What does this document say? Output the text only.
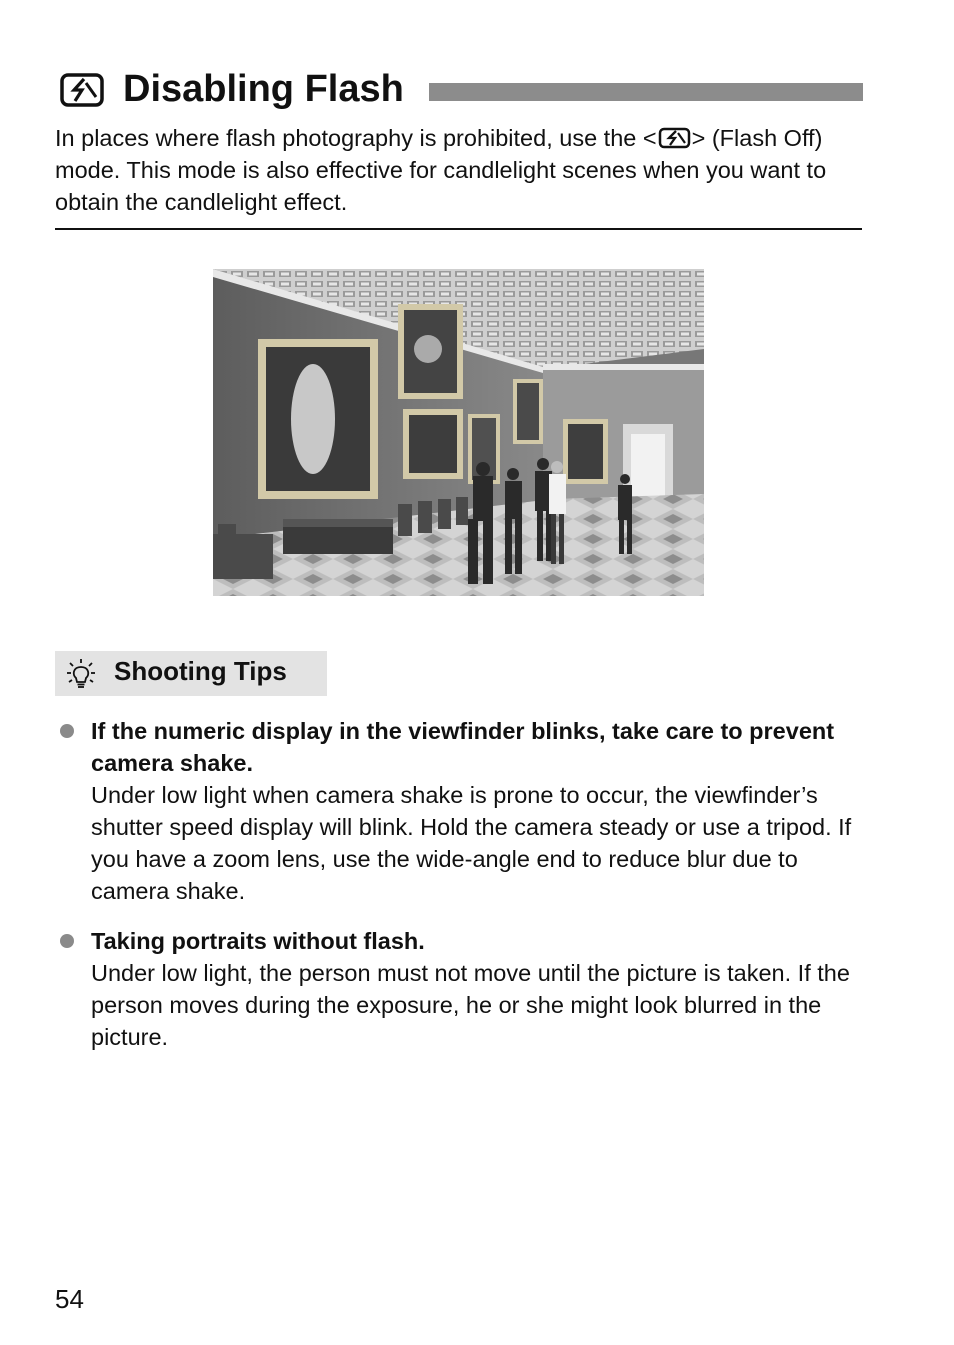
Disabling Flash
In places where flash photography is prohibited, use the < > (Flash Off) mode. This mode is also effective for candlelight scenes when you want to obtain the candlelight effect.
Shooting Tips
If the numeric display in the viewfinder blinks, take care to prevent camera shake.
Under low light when camera shake is prone to occur, the viewfinder’s shutter speed display will blink. Hold the camera steady or use a tripod. If you have a zoom lens, use the wide-angle end to reduce blur due to camera shake.
Taking portraits without flash.
Under low light, the person must not move until the picture is taken. If the person moves during the exposure, he or she might look blurred in the picture.
54
